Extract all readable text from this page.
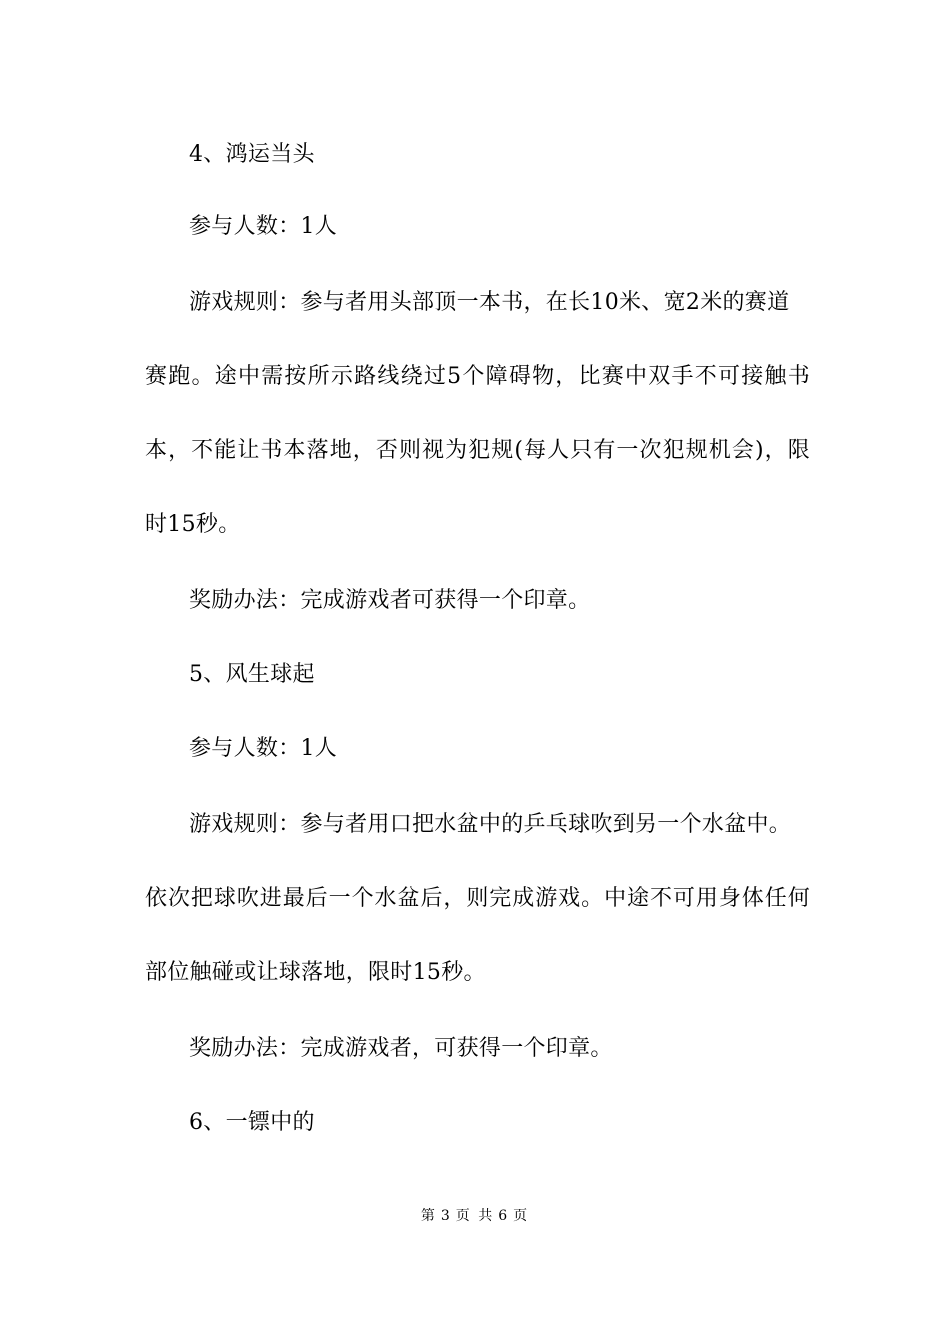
4、鸿运当头
参与人数：1人
游戏规则：参与者用头部顶一本书，在长10米、宽2米的赛道
赛跑。途中需按所示路线绕过5个障碍物，比赛中双手不可接触书
本，不能让书本落地，否则视为犯规(每人只有一次犯规机会)，限
时15秒。
奖励办法：完成游戏者可获得一个印章。
5、风生球起
参与人数：1人
游戏规则：参与者用口把水盆中的乒乓球吹到另一个水盆中。
依次把球吹进最后一个水盆后，则完成游戏。中途不可用身体任何
部位触碰或让球落地，限时15秒。
奖励办法：完成游戏者，可获得一个印章。
6、一镖中的
第 3 页 共 6 页
